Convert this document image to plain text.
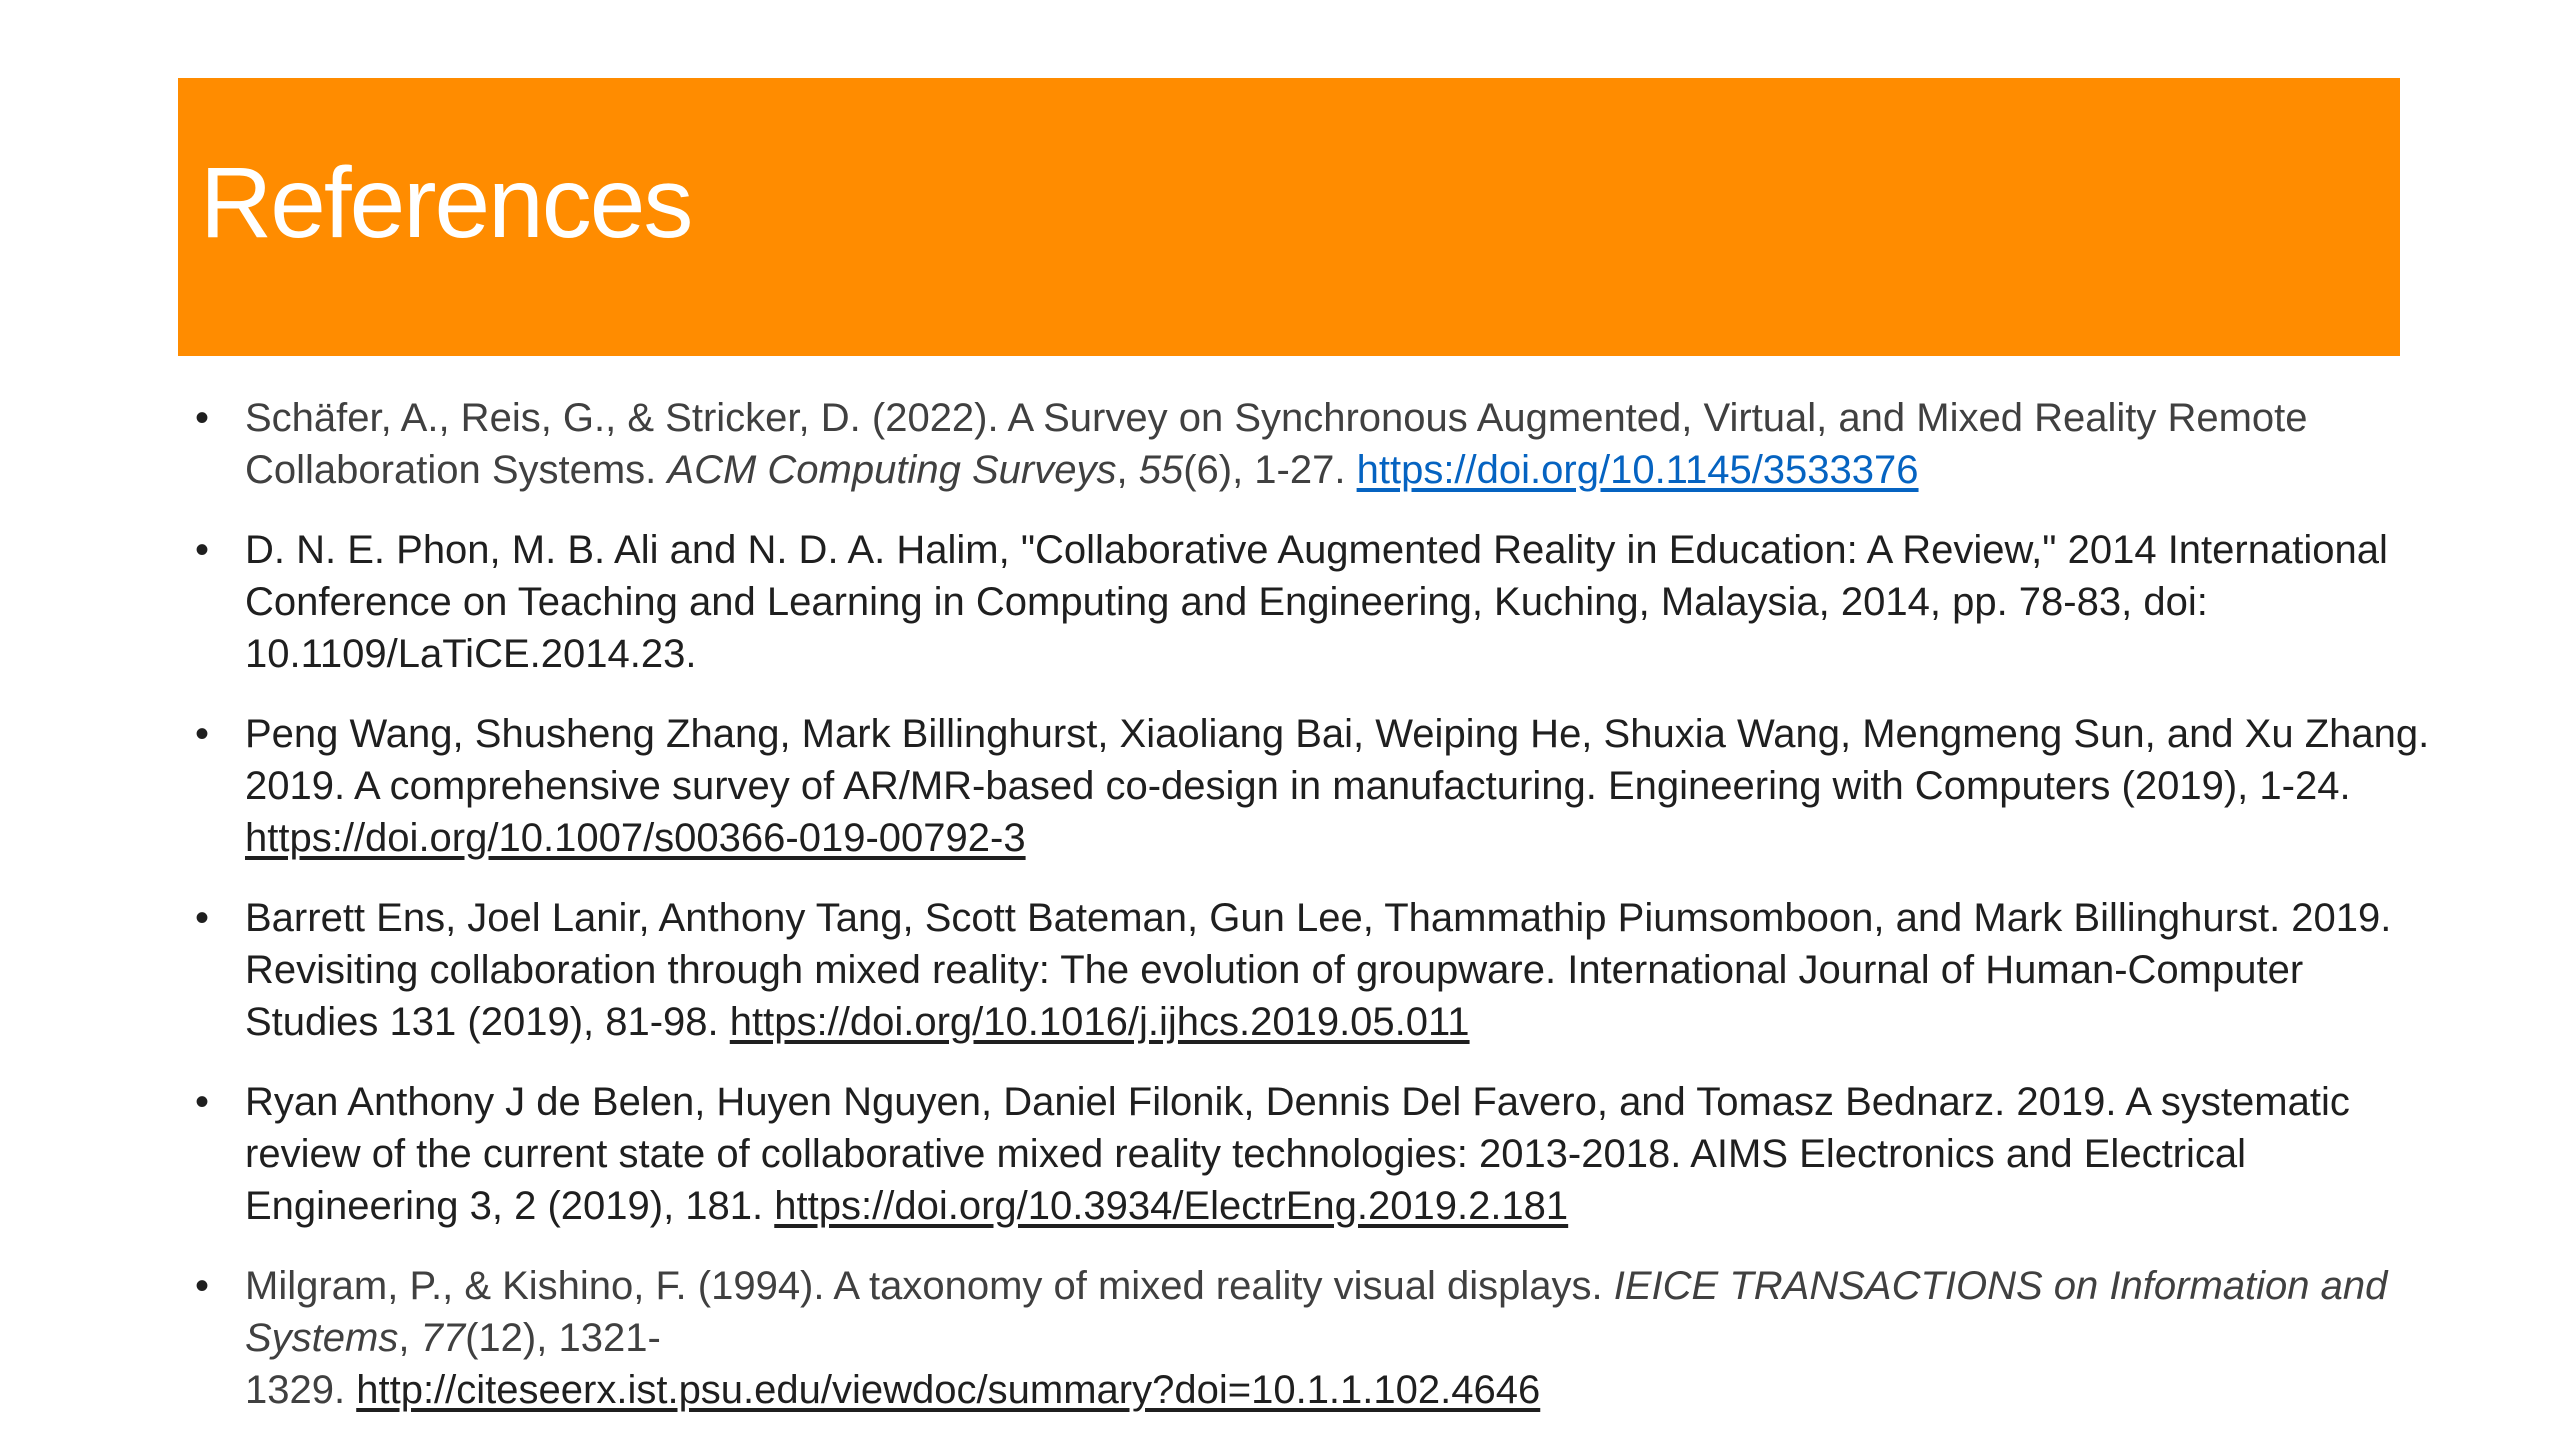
References
• Schäfer, A., Reis, G., & Stricker, D. (2022). A Survey on Synchronous Augmented, Virtual, and Mixed Reality Remote Collaboration Systems. ACM Computing Surveys, 55(6), 1-27. https://doi.org/10.1145/3533376
• D. N. E. Phon, M. B. Ali and N. D. A. Halim, "Collaborative Augmented Reality in Education: A Review," 2014 International Conference on Teaching and Learning in Computing and Engineering, Kuching, Malaysia, 2014, pp. 78-83, doi: 10.1109/LaTiCE.2014.23.
• Peng Wang, Shusheng Zhang, Mark Billinghurst, Xiaoliang Bai, Weiping He, Shuxia Wang, Mengmeng Sun, and Xu Zhang. 2019. A comprehensive survey of AR/MR-based co-design in manufacturing. Engineering with Computers (2019), 1-24. https://doi.org/10.1007/s00366-019-00792-3
• Barrett Ens, Joel Lanir, Anthony Tang, Scott Bateman, Gun Lee, Thammathip Piumsomboon, and Mark Billinghurst. 2019. Revisiting collaboration through mixed reality: The evolution of groupware. International Journal of Human-Computer Studies 131 (2019), 81-98. https://doi.org/10.1016/j.ijhcs.2019.05.011
• Ryan Anthony J de Belen, Huyen Nguyen, Daniel Filonik, Dennis Del Favero, and Tomasz Bednarz. 2019. A systematic review of the current state of collaborative mixed reality technologies: 2013-2018. AIMS Electronics and Electrical Engineering 3, 2 (2019), 181. https://doi.org/10.3934/ElectrEng.2019.2.181
• Milgram, P., & Kishino, F. (1994). A taxonomy of mixed reality visual displays. IEICE TRANSACTIONS on Information and Systems, 77(12), 1321-
1329. http://citeseerx.ist.psu.edu/viewdoc/summary?doi=10.1.1.102.4646
